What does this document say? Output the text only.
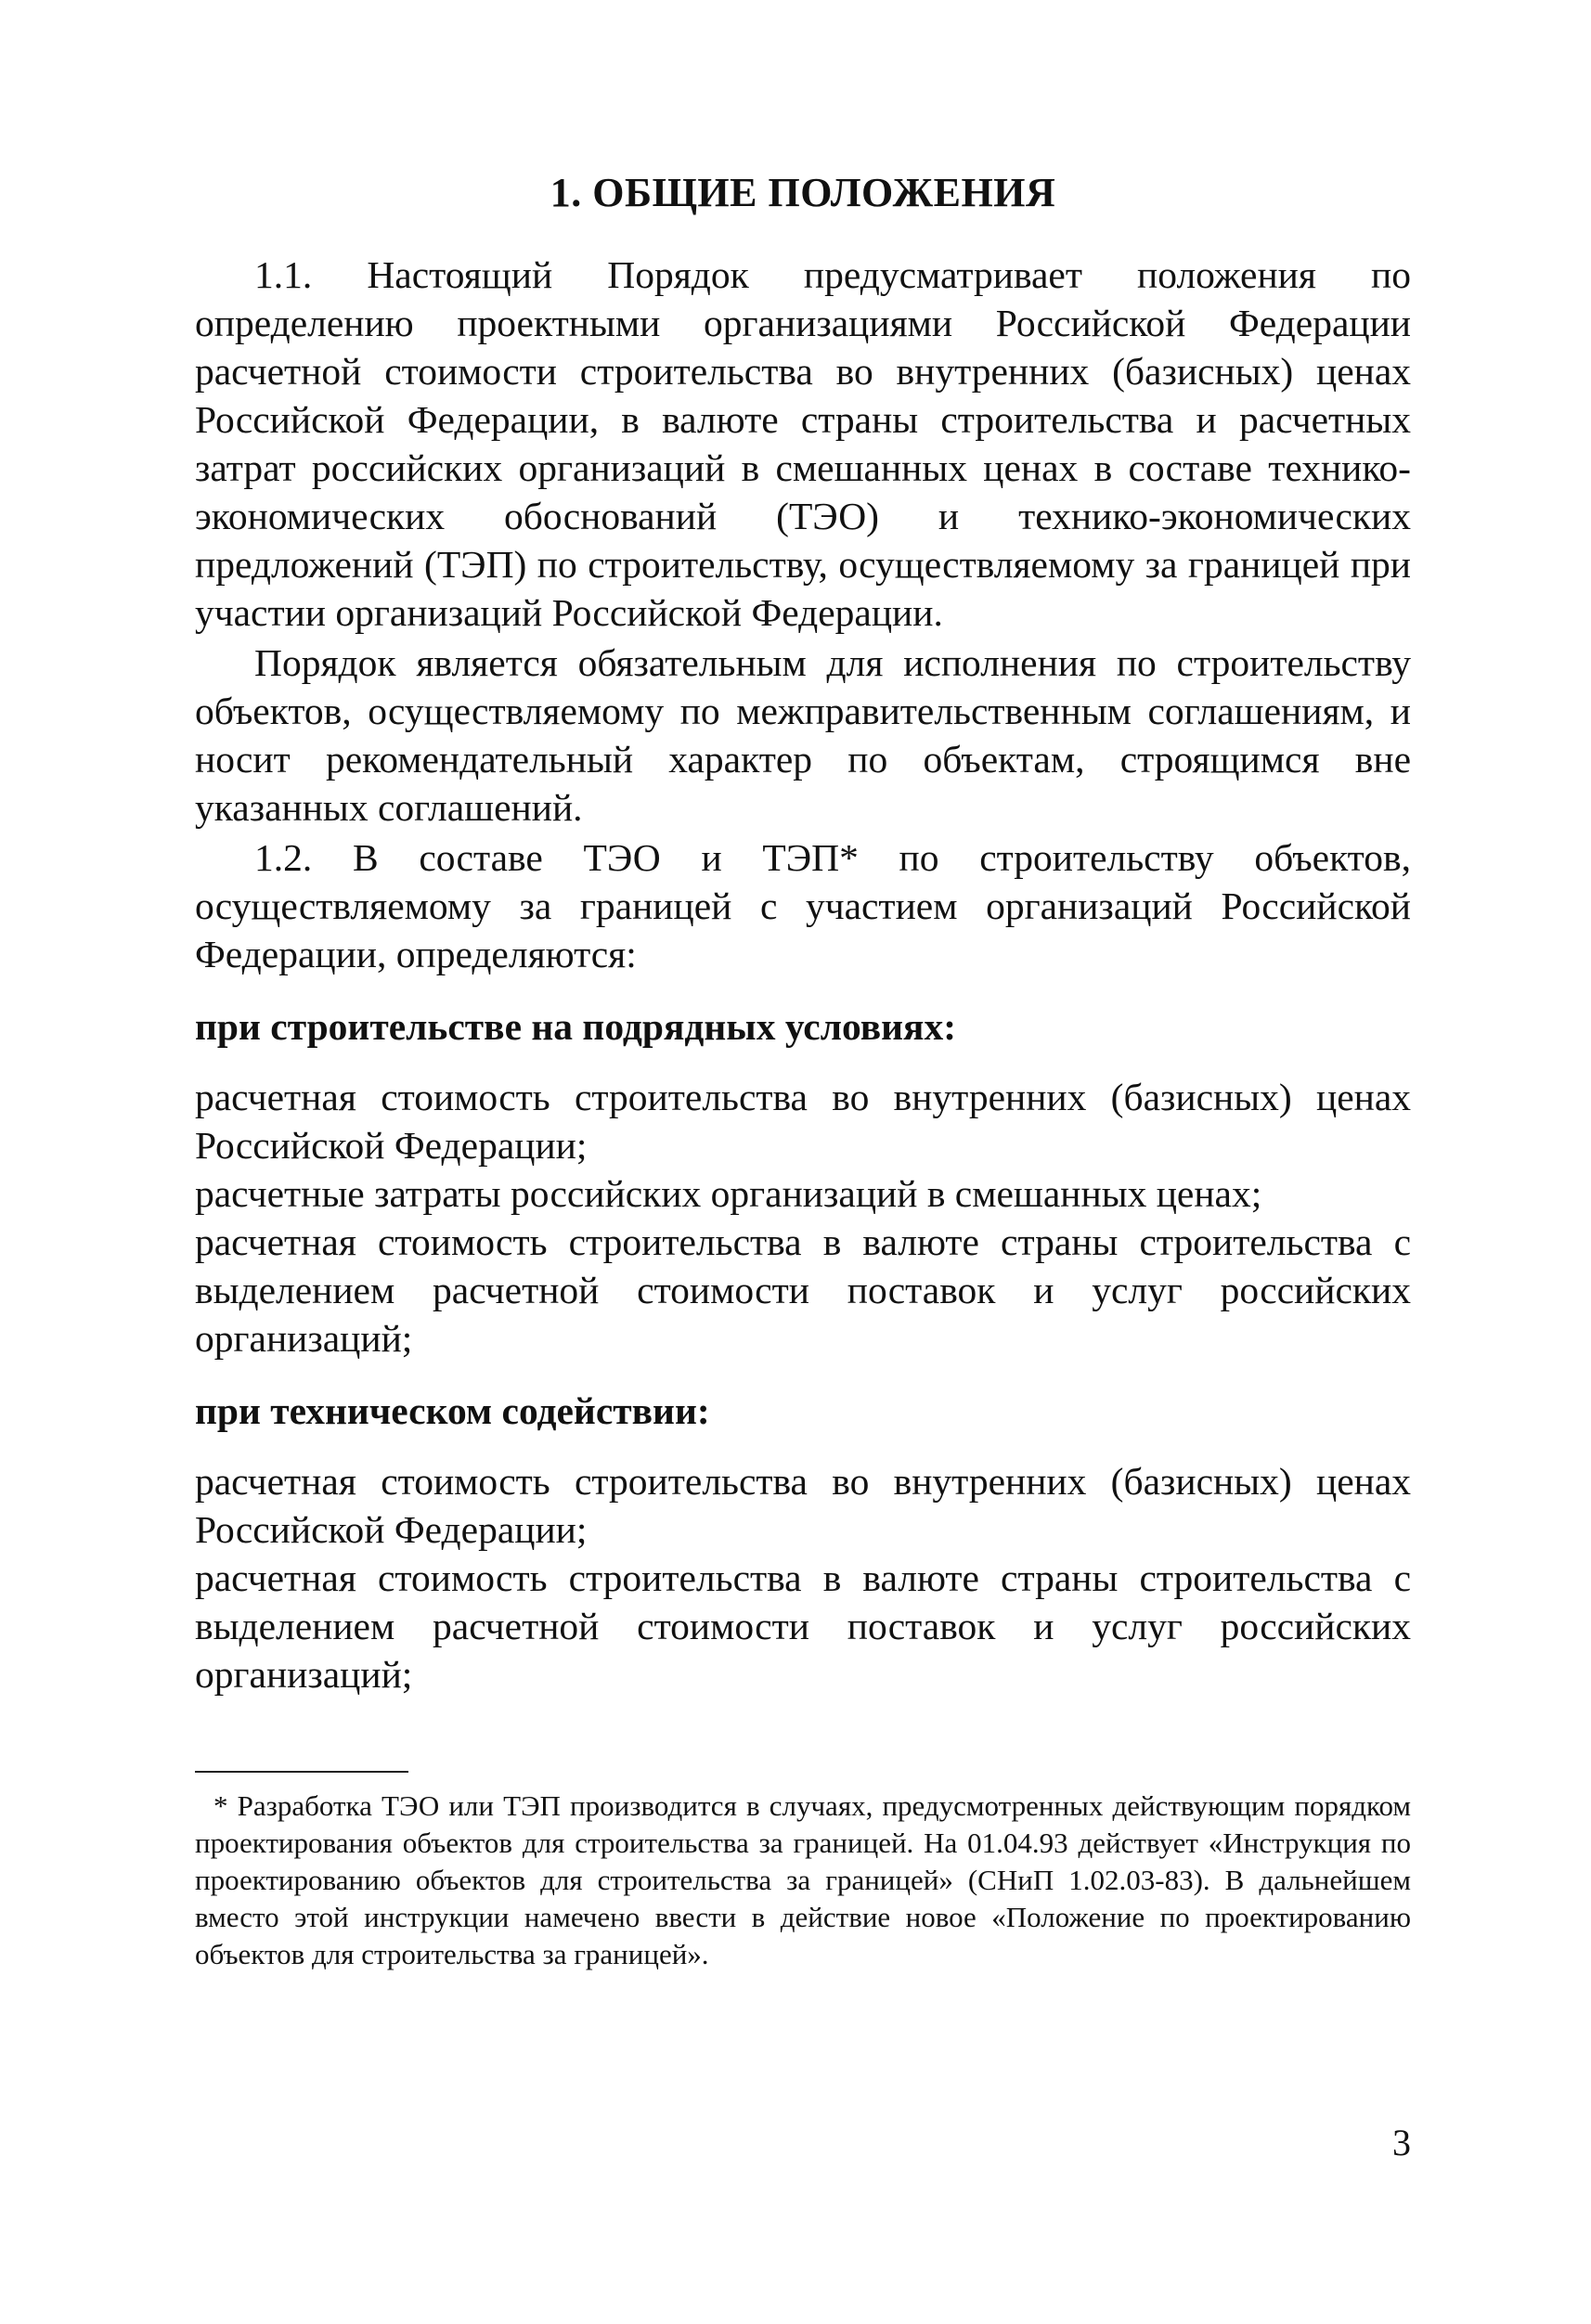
1. ОБЩИЕ ПОЛОЖЕНИЯ

1.1. Настоящий Порядок предусматривает положения по определению проектными организациями Российской Федерации расчетной стоимости строительства во внутренних (базисных) ценах Российской Федерации, в валюте страны строительства и расчетных затрат российских организаций в смешанных ценах в составе технико-экономических обоснований (ТЭО) и технико-экономических предложений (ТЭП) по строительству, осуществляемому за границей при участии организаций Российской Федерации.

Порядок является обязательным для исполнения по строительству объектов, осуществляемому по межправительственным соглашениям, и носит рекомендательный характер по объектам, строящимся вне указанных соглашений.

1.2. В составе ТЭО и ТЭП* по строительству объектов, осуществляемому за границей с участием организаций Российской Федерации, определяются:

при строительстве на подрядных условиях:

расчетная стоимость строительства во внутренних (базисных) ценах Российской Федерации;

расчетные затраты российских организаций в смешанных ценах;

расчетная стоимость строительства в валюте страны строительства с выделением расчетной стоимости поставок и услуг российских организаций;

при техническом содействии:

расчетная стоимость строительства во внутренних (базисных) ценах Российской Федерации;

расчетная стоимость строительства в валюте страны строительства с выделением расчетной стоимости поставок и услуг российских организаций;

* Разработка ТЭО или ТЭП производится в случаях, предусмотренных действующим порядком проектирования объектов для строительства за границей. На 01.04.93 действует «Инструкция по проектированию объектов для строительства за границей» (СНиП 1.02.03-83). В дальнейшем вместо этой инструкции намечено ввести в действие новое «Положение по проектированию объектов для строительства за границей».

3
